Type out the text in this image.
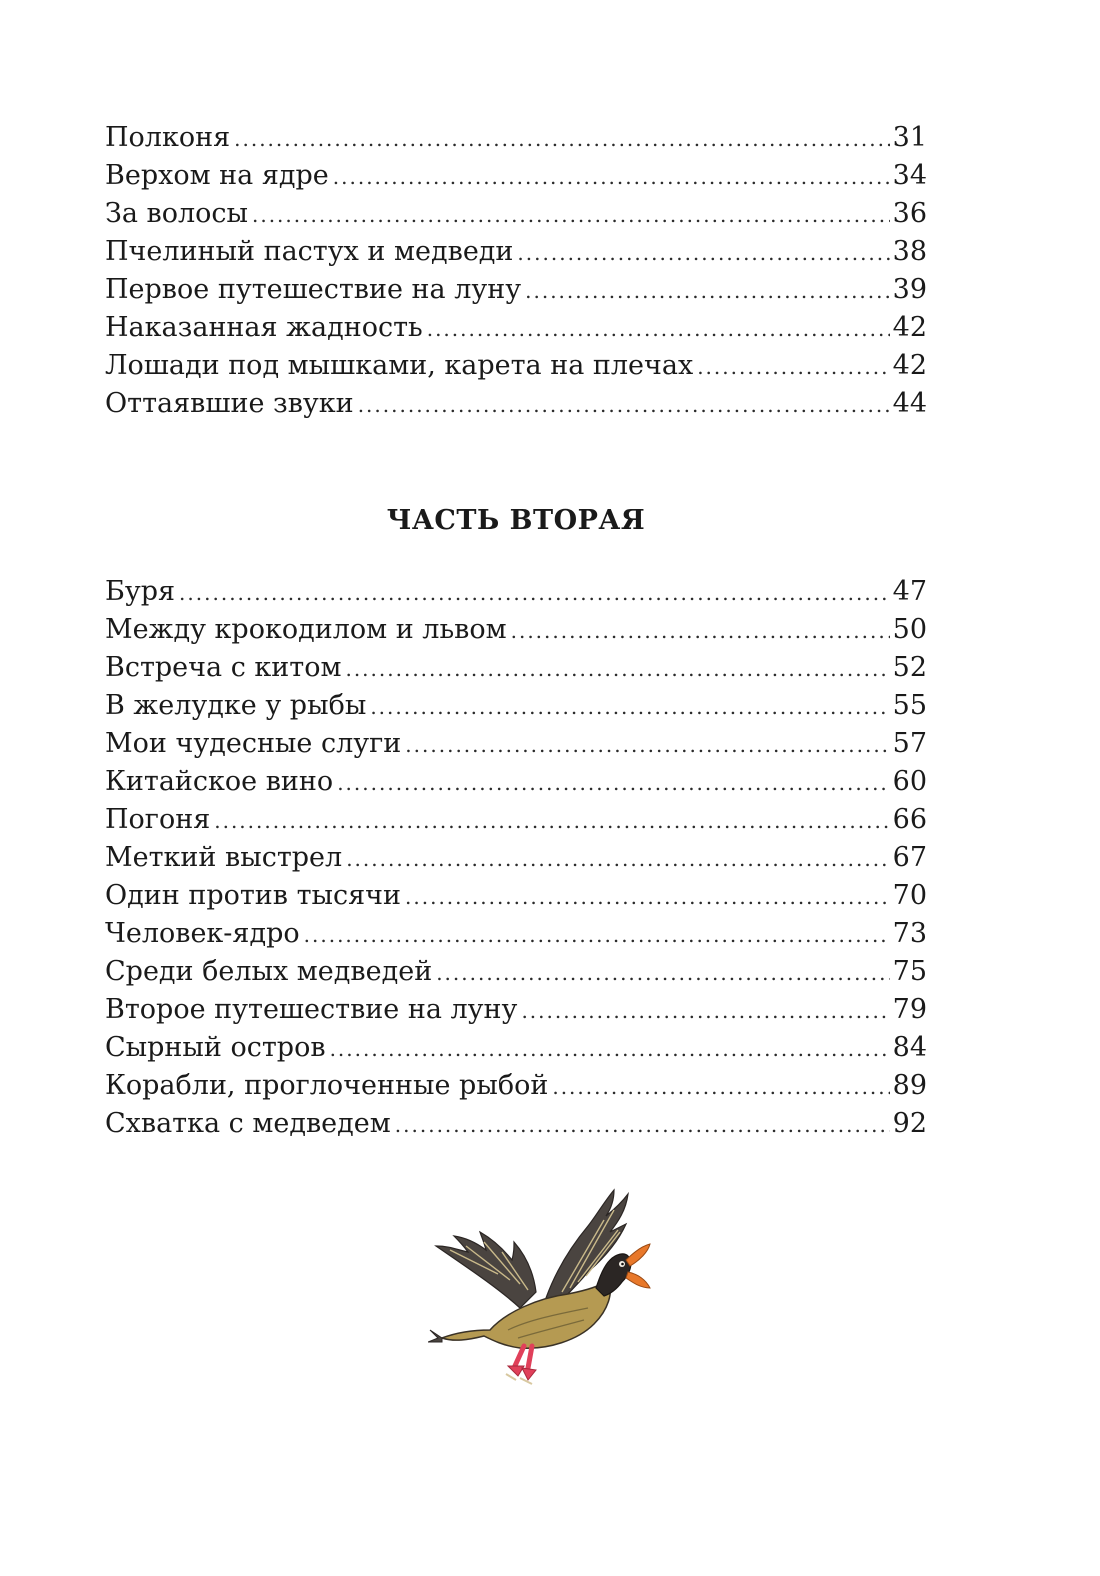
Полконя .....	31
Верхом на ядре .....	34
За волосы .....	36
Пчелиный пастух и медведи .....	38
Первое путешествие на луну .....	39
Наказанная жадность .....	42
Лошади под мышками, карета на плечах .....	42
Оттаявшие звуки .....	44
ЧАСТЬ ВТОРАЯ
Буря .....	47
Между крокодилом и львом .....	50
Встреча с китом .....	52
В желудке у рыбы .....	55
Мои чудесные слуги .....	57
Китайское вино .....	60
Погоня .....	66
Меткий выстрел .....	67
Один против тысячи .....	70
Человек-ядро .....	73
Среди белых медведей .....	75
Второе путешествие на луну .....	79
Сырный остров .....	84
Корабли, проглоченные рыбой .....	89
Схватка с медведем .....	92
